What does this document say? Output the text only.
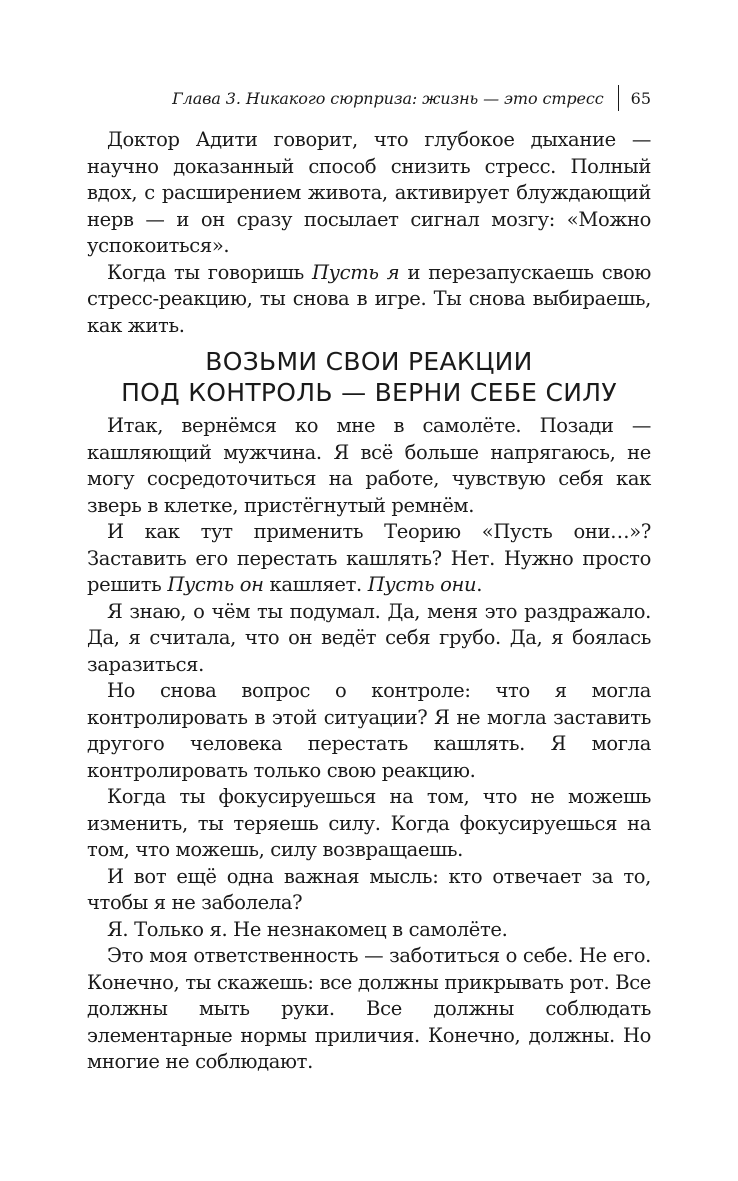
Глава 3. Никакого сюрприза: жизнь — это стресс 65

Доктор Адити говорит, что глубокое дыхание — научно доказанный способ снизить стресс. Полный вдох, с расширением живота, активирует блуждающий нерв — и он сразу посылает сигнал мозгу: «Можно успокоиться».

Когда ты говоришь Пусть я и перезапускаешь свою стресс-реакцию, ты снова в игре. Ты снова выбираешь, как жить.

ВОЗЬМИ СВОИ РЕАКЦИИ
ПОД КОНТРОЛЬ — ВЕРНИ СЕБЕ СИЛУ

Итак, вернёмся ко мне в самолёте. Позади — кашляющий мужчина. Я всё больше напрягаюсь, не могу сосредоточиться на работе, чувствую себя как зверь в клетке, пристёгнутый ремнём.

И как тут применить Теорию «Пусть они…»? Заставить его перестать кашлять? Нет. Нужно просто решить Пусть он кашляет. Пусть они.

Я знаю, о чём ты подумал. Да, меня это раздражало. Да, я считала, что он ведёт себя грубо. Да, я боялась заразиться.

Но снова вопрос о контроле: что я могла контролировать в этой ситуации? Я не могла заставить другого человека перестать кашлять. Я могла контролировать только свою реакцию.

Когда ты фокусируешься на том, что не можешь изменить, ты теряешь силу. Когда фокусируешься на том, что можешь, силу возвращаешь.

И вот ещё одна важная мысль: кто отвечает за то, чтобы я не заболела?

Я. Только я. Не незнакомец в самолёте.

Это моя ответственность — заботиться о себе. Не его. Конечно, ты скажешь: все должны прикрывать рот. Все должны мыть руки. Все должны соблюдать элементарные нормы приличия. Конечно, должны. Но многие не соблюдают.
